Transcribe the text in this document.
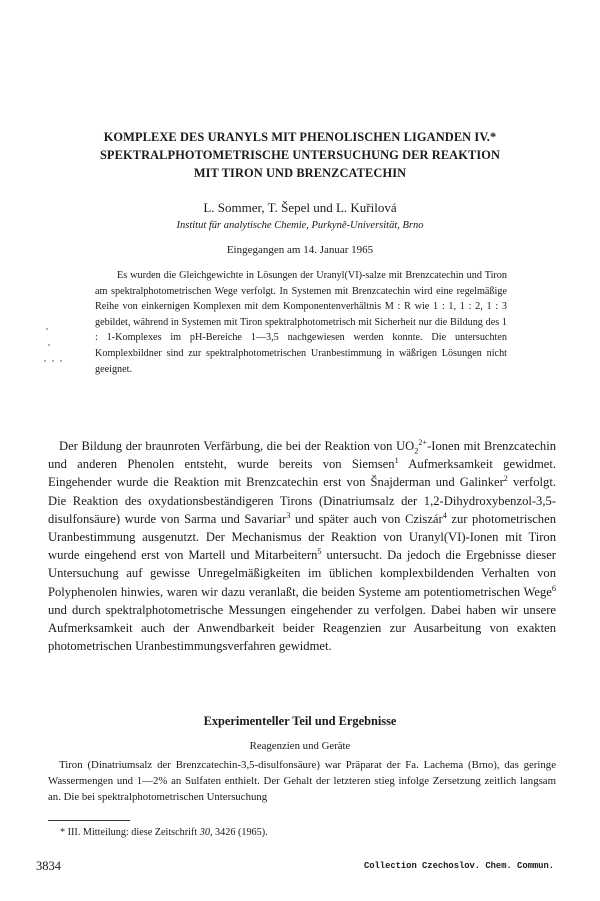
KOMPLEXE DES URANYLS MIT PHENOLISCHEN LIGANDEN IV.*
SPEKTRALPHOTOMETRISCHE UNTERSUCHUNG DER REAKTION
MIT TIRON UND BRENZCATECHIN
L. Sommer, T. Šepel und L. Kuřilová
Institut für analytische Chemie, Purkyně-Universität, Brno
Eingegangen am 14. Januar 1965

Es wurden die Gleichgewichte in Lösungen der Uranyl(VI)-salze mit Brenzcatechin und Tiron am spektralphotometrischen Wege verfolgt. In Systemen mit Brenzcatechin wird eine regelmäßige Reihe von einkernigen Komplexen mit dem Komponentenverhältnis M : R wie 1 : 1, 1 : 2, 1 : 3 gebildet, während in Systemen mit Tiron spektralphotometrisch mit Sicherheit nur die Bildung des 1 : 1-Komplexes im pH-Bereiche 1—3,5 nachgewiesen werden konnte. Die untersuchten Komplexbildner sind zur spektralphotometrischen Uranbestimmung in wäßrigen Lösungen nicht geeignet.

Der Bildung der braunroten Verfärbung, die bei der Reaktion von $UO_2^{2+}$-Ionen mit Brenzcatechin und anderen Phenolen entsteht, wurde bereits von Siemsen$^1$ Aufmerksamkeit gewidmet. Eingehender wurde die Reaktion mit Brenzcatechin erst von Šnajderman und Galinker$^2$ verfolgt. Die Reaktion des oxydationsbeständigeren Tirons (Dinatriumsalz der 1,2-Dihydroxybenzol-3,5-disulfonsäure) wurde von Sarma und Savariar$^3$ und später auch von Cziszár$^4$ zur photometrischen Uranbestimmung ausgenutzt. Der Mechanismus der Reaktion von Uranyl(VI)-Ionen mit Tiron wurde eingehend erst von Martell und Mitarbeitern$^5$ untersucht. Da jedoch die Ergebnisse dieser Untersuchung auf gewisse Unregelmäßigkeiten im üblichen komplexbildenden Verhalten von Polyphenolen hinwies, waren wir dazu veranlaßt, die beiden Systeme am potentiometrischen Wege$^6$ und durch spektralphotometrische Messungen eingehender zu verfolgen. Dabei haben wir unsere Aufmerksamkeit auch der Anwendbarkeit beider Reagenzien zur Ausarbeitung von exakten photometrischen Uranbestimmungsverfahren gewidmet.

Experimenteller Teil und Ergebnisse
Reagenzien und Geräte

Tiron (Dinatriumsalz der Brenzcatechin-3,5-disulfonsäure) war Präparat der Fa. Lachema (Brno), das geringe Wassermengen und 1—2% an Sulfaten enthielt. Der Gehalt der letzteren stieg infolge Zersetzung zeitlich langsam an. Die bei spektralphotometrischen Untersuchung

* III. Mitteilung: diese Zeitschrift 30, 3426 (1965).
3834	Collection Czechoslov. Chem. Commun.
